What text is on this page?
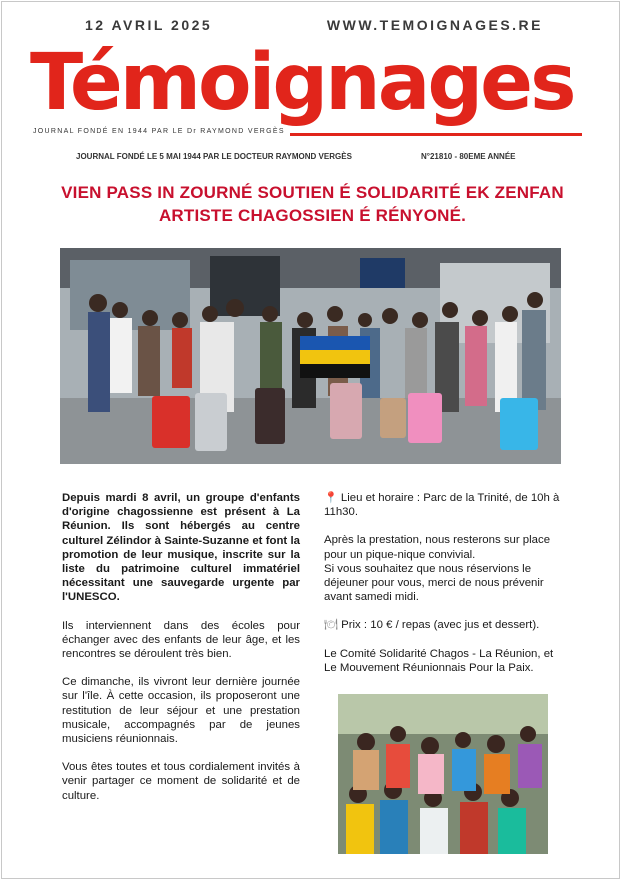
12 AVRIL 2025	WWW.TEMOIGNAGES.RE
Témoignages
JOURNAL FONDÉ EN 1944 PAR LE Dr RAYMOND VERGÈS
JOURNAL FONDÉ LE 5 MAI 1944 PAR LE DOCTEUR RAYMOND VERGÈS	N°21810 - 80EME ANNÉE
VIEN PASS IN ZOURNÉ SOUTIEN É SOLIDARITÉ EK ZENFAN
ARTISTE CHAGOSSIEN É RÉNYONÉ.

Depuis mardi 8 avril, un groupe d'enfants d'origine chagossienne est présent à La Réunion. Ils sont hébergés au centre culturel Zélindor à Sainte-Suzanne et font la promotion de leur musique, inscrite sur la liste du patrimoine culturel immatériel nécessitant une sauvegarde urgente par l'UNESCO.

Ils interviennent dans des écoles pour échanger avec des enfants de leur âge, et les rencontres se déroulent très bien.

Ce dimanche, ils vivront leur dernière journée sur l'île. À cette occasion, ils proposeront une restitution de leur séjour et une prestation musicale, accompagnés par de jeunes musiciens réunionnais.

Vous êtes toutes et tous cordialement invités à venir partager ce moment de solidarité et de culture.

📍 Lieu et horaire : Parc de la Trinité, de 10h à 11h30.

Après la prestation, nous resterons sur place pour un pique-nique convivial.

Si vous souhaitez que nous réservions le déjeuner pour vous, merci de nous prévenir avant samedi midi.

🍽 Prix : 10 € / repas (avec jus et dessert).

Le Comité Solidarité Chagos - La Réunion, et Le Mouvement Réunionnais Pour la Paix.
